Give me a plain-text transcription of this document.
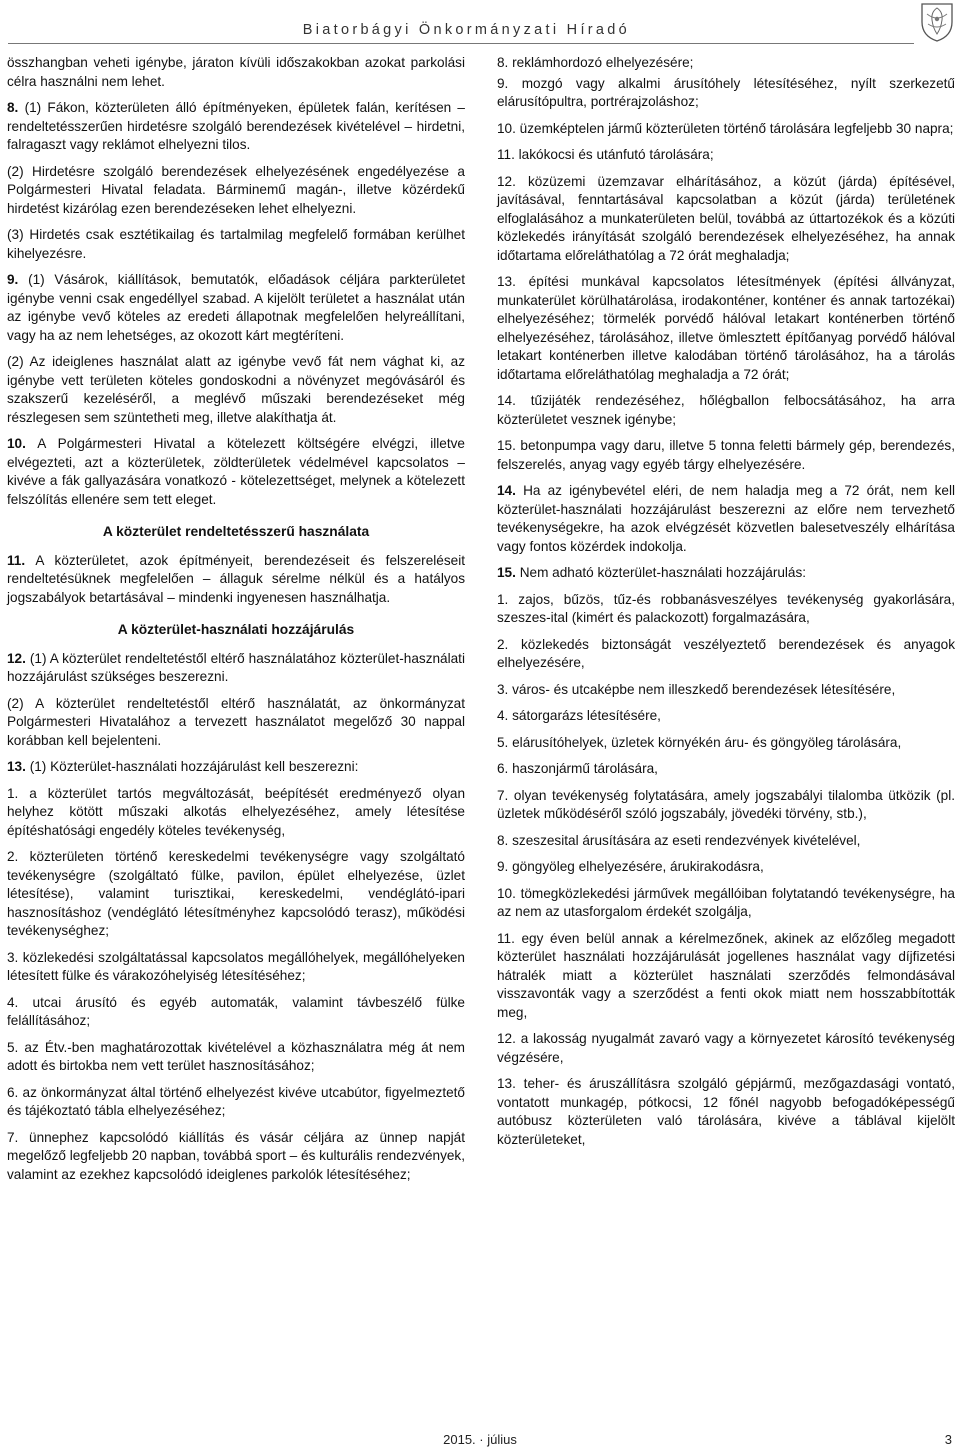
Biatorbágyi Önkormányzati Híradó

összhangban veheti igénybe, járaton kívüli időszakokban azokat parkolási célra használni nem lehet.

8. (1) Fákon, közterületen álló építményeken, épületek falán, kerítésen – rendeltetésszerűen hirdetésre szolgáló berendezések kivételével – hirdetni, falragaszt vagy reklámot elhelyezni tilos.

(2) Hirdetésre szolgáló berendezések elhelyezésének engedélyezése a Polgármesteri Hivatal feladata. Bárminemű magán-, illetve közérdekű hirdetést kizárólag ezen berendezéseken lehet elhelyezni.

(3) Hirdetés csak esztétikailag és tartalmilag megfelelő formában kerülhet kihelyezésre.

9. (1) Vásárok, kiállítások, bemutatók, előadások céljára parkterületet igénybe venni csak engedéllyel szabad. A kijelölt területet a használat után az igénybe vevő köteles az eredeti állapotnak megfelelően helyreállítani, vagy ha az nem lehetséges, az okozott kárt megtéríteni.

(2) Az ideiglenes használat alatt az igénybe vevő fát nem vághat ki, az igénybe vett területen köteles gondoskodni a növényzet megóvásáról és szakszerű kezeléséről, a meglévő műszaki berendezéseket még részlegesen sem szüntetheti meg, illetve alakíthatja át.

10. A Polgármesteri Hivatal a kötelezett költségére elvégzi, illetve elvégezteti, azt a közterületek, zöldterületek védelmével kapcsolatos – kivéve a fák gallyazására vonatkozó - kötelezettséget, melynek a kötelezett felszólítás ellenére sem tett eleget.

A közterület rendeltetésszerű használata

11. A közterületet, azok építményeit, berendezéseit és felszereléseit rendeltetésüknek megfelelően – állaguk sérelme nélkül és a hatályos jogszabályok betartásával – mindenki ingyenesen használhatja.

A közterület-használati hozzájárulás

12. (1) A közterület rendeltetéstől eltérő használatához közterület-használati hozzájárulást szükséges beszerezni.

(2) A közterület rendeltetéstől eltérő használatát, az önkormányzat Polgármesteri Hivatalához a tervezett használatot megelőző 30 nappal korábban kell bejelenteni.

13. (1) Közterület-használati hozzájárulást kell beszerezni:

1. a közterület tartós megváltozását, beépítését eredményező olyan helyhez kötött műszaki alkotás elhelyezéséhez, amely létesítése építéshatósági engedély köteles tevékenység,

2. közterületen történő kereskedelmi tevékenységre vagy szolgáltató tevékenységre (szolgáltató fülke, pavilon, épület elhelyezése, üzlet létesítése), valamint turisztikai, kereskedelmi, vendéglátó-ipari hasznosításhoz (vendéglátó létesítményhez kapcsolódó terasz), működési tevékenységhez;

3. közlekedési szolgáltatással kapcsolatos megállóhelyek, megállóhelyeken létesített fülke és várakozóhelyiség létesítéséhez;

4. utcai árusító és egyéb automaták, valamint távbeszélő fülke felállításához;

5. az Étv.-ben maghatározottak kivételével a közhasználatra még át nem adott és birtokba nem vett terület hasznosításához;

6. az önkormányzat által történő elhelyezést kivéve utcabútor, figyelmeztető és tájékoztató tábla elhelyezéséhez;

7. ünnephez kapcsolódó kiállítás és vásár céljára az ünnep napját megelőző legfeljebb 20 napban, továbbá sport – és kulturális rendezvények, valamint az ezekhez kapcsolódó ideiglenes parkolók létesítéséhez;

8. reklámhordozó elhelyezésére;

9. mozgó vagy alkalmi árusítóhely létesítéséhez, nyílt szerkezetű elárusítópultra, portrérajzoláshoz;

10. üzemképtelen jármű közterületen történő tárolására legfeljebb 30 napra;

11. lakókocsi és utánfutó tárolására;

12. közüzemi üzemzavar elhárításához, a közút (járda) építésével, javításával, fenntartásával kapcsolatban a közút (járda) területének elfoglalásához a munkaterületen belül, továbbá az úttartozékok és a közúti közlekedés irányítását szolgáló berendezések elhelyezéséhez, ha annak időtartama előreláthatólag a 72 órát meghaladja;

13. építési munkával kapcsolatos létesítmények (építési állványzat, munkaterület körülhatárolása, irodakonténer, konténer és annak tartozékai) elhelyezéséhez; törmelék porvédő hálóval letakart konténerben történő elhelyezéséhez, tárolásához, illetve ömlesztett építőanyag porvédő hálóval letakart konténerben illetve kalodában történő tárolásához, ha a tárolás időtartama előreláthatólag meghaladja a 72 órát;

14. tűzijáték rendezéséhez, hőlégballon felbocsátásához, ha arra közterületet vesznek igénybe;

15. betonpumpa vagy daru, illetve 5 tonna feletti bármely gép, berendezés, felszerelés, anyag vagy egyéb tárgy elhelyezésére.

14. Ha az igénybevétel eléri, de nem haladja meg a 72 órát, nem kell közterület-használati hozzájárulást beszerezni az előre nem tervezhető tevékenységekre, ha azok elvégzését közvetlen balesetveszély elhárítása vagy fontos közérdek indokolja.

15. Nem adható közterület-használati hozzájárulás:

1. zajos, bűzös, tűz-és robbanásveszélyes tevékenység gyakorlására, szeszes-ital (kimért és palackozott) forgalmazására,

2. közlekedés biztonságát veszélyeztető berendezések és anyagok elhelyezésére,

3. város- és utcaképbe nem illeszkedő berendezések létesítésére,

4. sátorgarázs létesítésére,

5. elárusítóhelyek, üzletek környékén áru- és göngyöleg tárolására,

6. haszonjármű tárolására,

7. olyan tevékenység folytatására, amely jogszabályi tilalomba ütközik (pl. üzletek működéséről szóló jogszabály, jövedéki törvény, stb.),

8. szeszesital árusítására az eseti rendezvények kivételével,

9. göngyöleg elhelyezésére, árukirakodásra,

10. tömegközlekedési járművek megállóiban folytatandó tevékenységre, ha az nem az utasforgalom érdekét szolgálja,

11. egy éven belül annak a kérelmezőnek, akinek az előzőleg megadott közterület használati hozzájárulását jogellenes használat vagy díjfizetési hátralék miatt a közterület használati szerződés felmondásával visszavonták vagy a szerződést a fenti okok miatt nem hosszabbították meg,

12. a lakosság nyugalmát zavaró vagy a környezetet károsító tevékenység végzésére,

13. teher- és áruszállításra szolgáló gépjármű, mezőgazdasági vontató, vontatott munkagép, pótkocsi, 12 főnél nagyobb befogadóképességű autóbusz közterületen való tárolására, kivéve a táblával kijelölt közterületeket,

2015. · július	3
